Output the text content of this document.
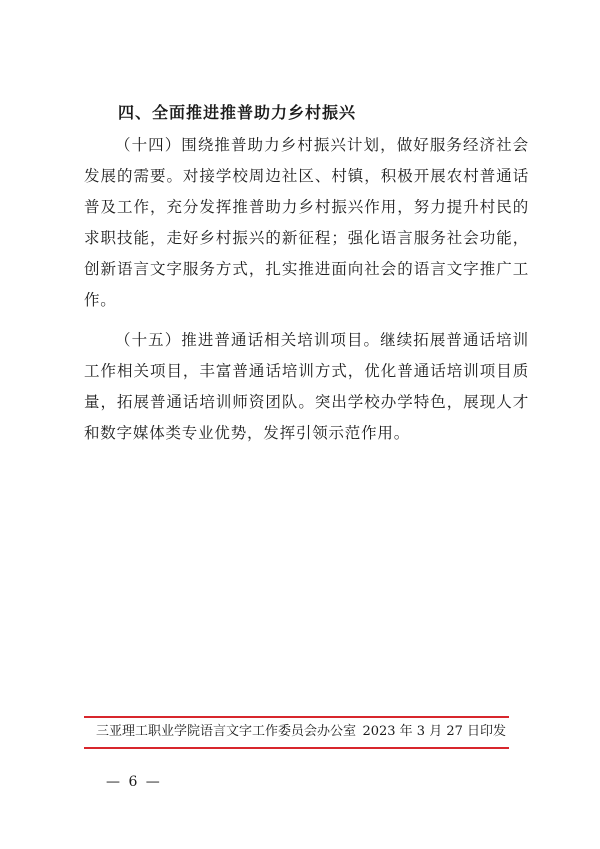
四、全面推进推普助力乡村振兴

（十四）围绕推普助力乡村振兴计划，做好服务经济社会发展的需要。对接学校周边社区、村镇，积极开展农村普通话普及工作，充分发挥推普助力乡村振兴作用，努力提升村民的求职技能，走好乡村振兴的新征程；强化语言服务社会功能，创新语言文字服务方式，扎实推进面向社会的语言文字推广工作。

（十五）推进普通话相关培训项目。继续拓展普通话培训工作相关项目，丰富普通话培训方式，优化普通话培训项目质量，拓展普通话培训师资团队。突出学校办学特色，展现人才和数字媒体类专业优势，发挥引领示范作用。

三亚理工职业学院语言文字工作委员会办公室 2023 年 3 月 27 日印发
— 6 —
